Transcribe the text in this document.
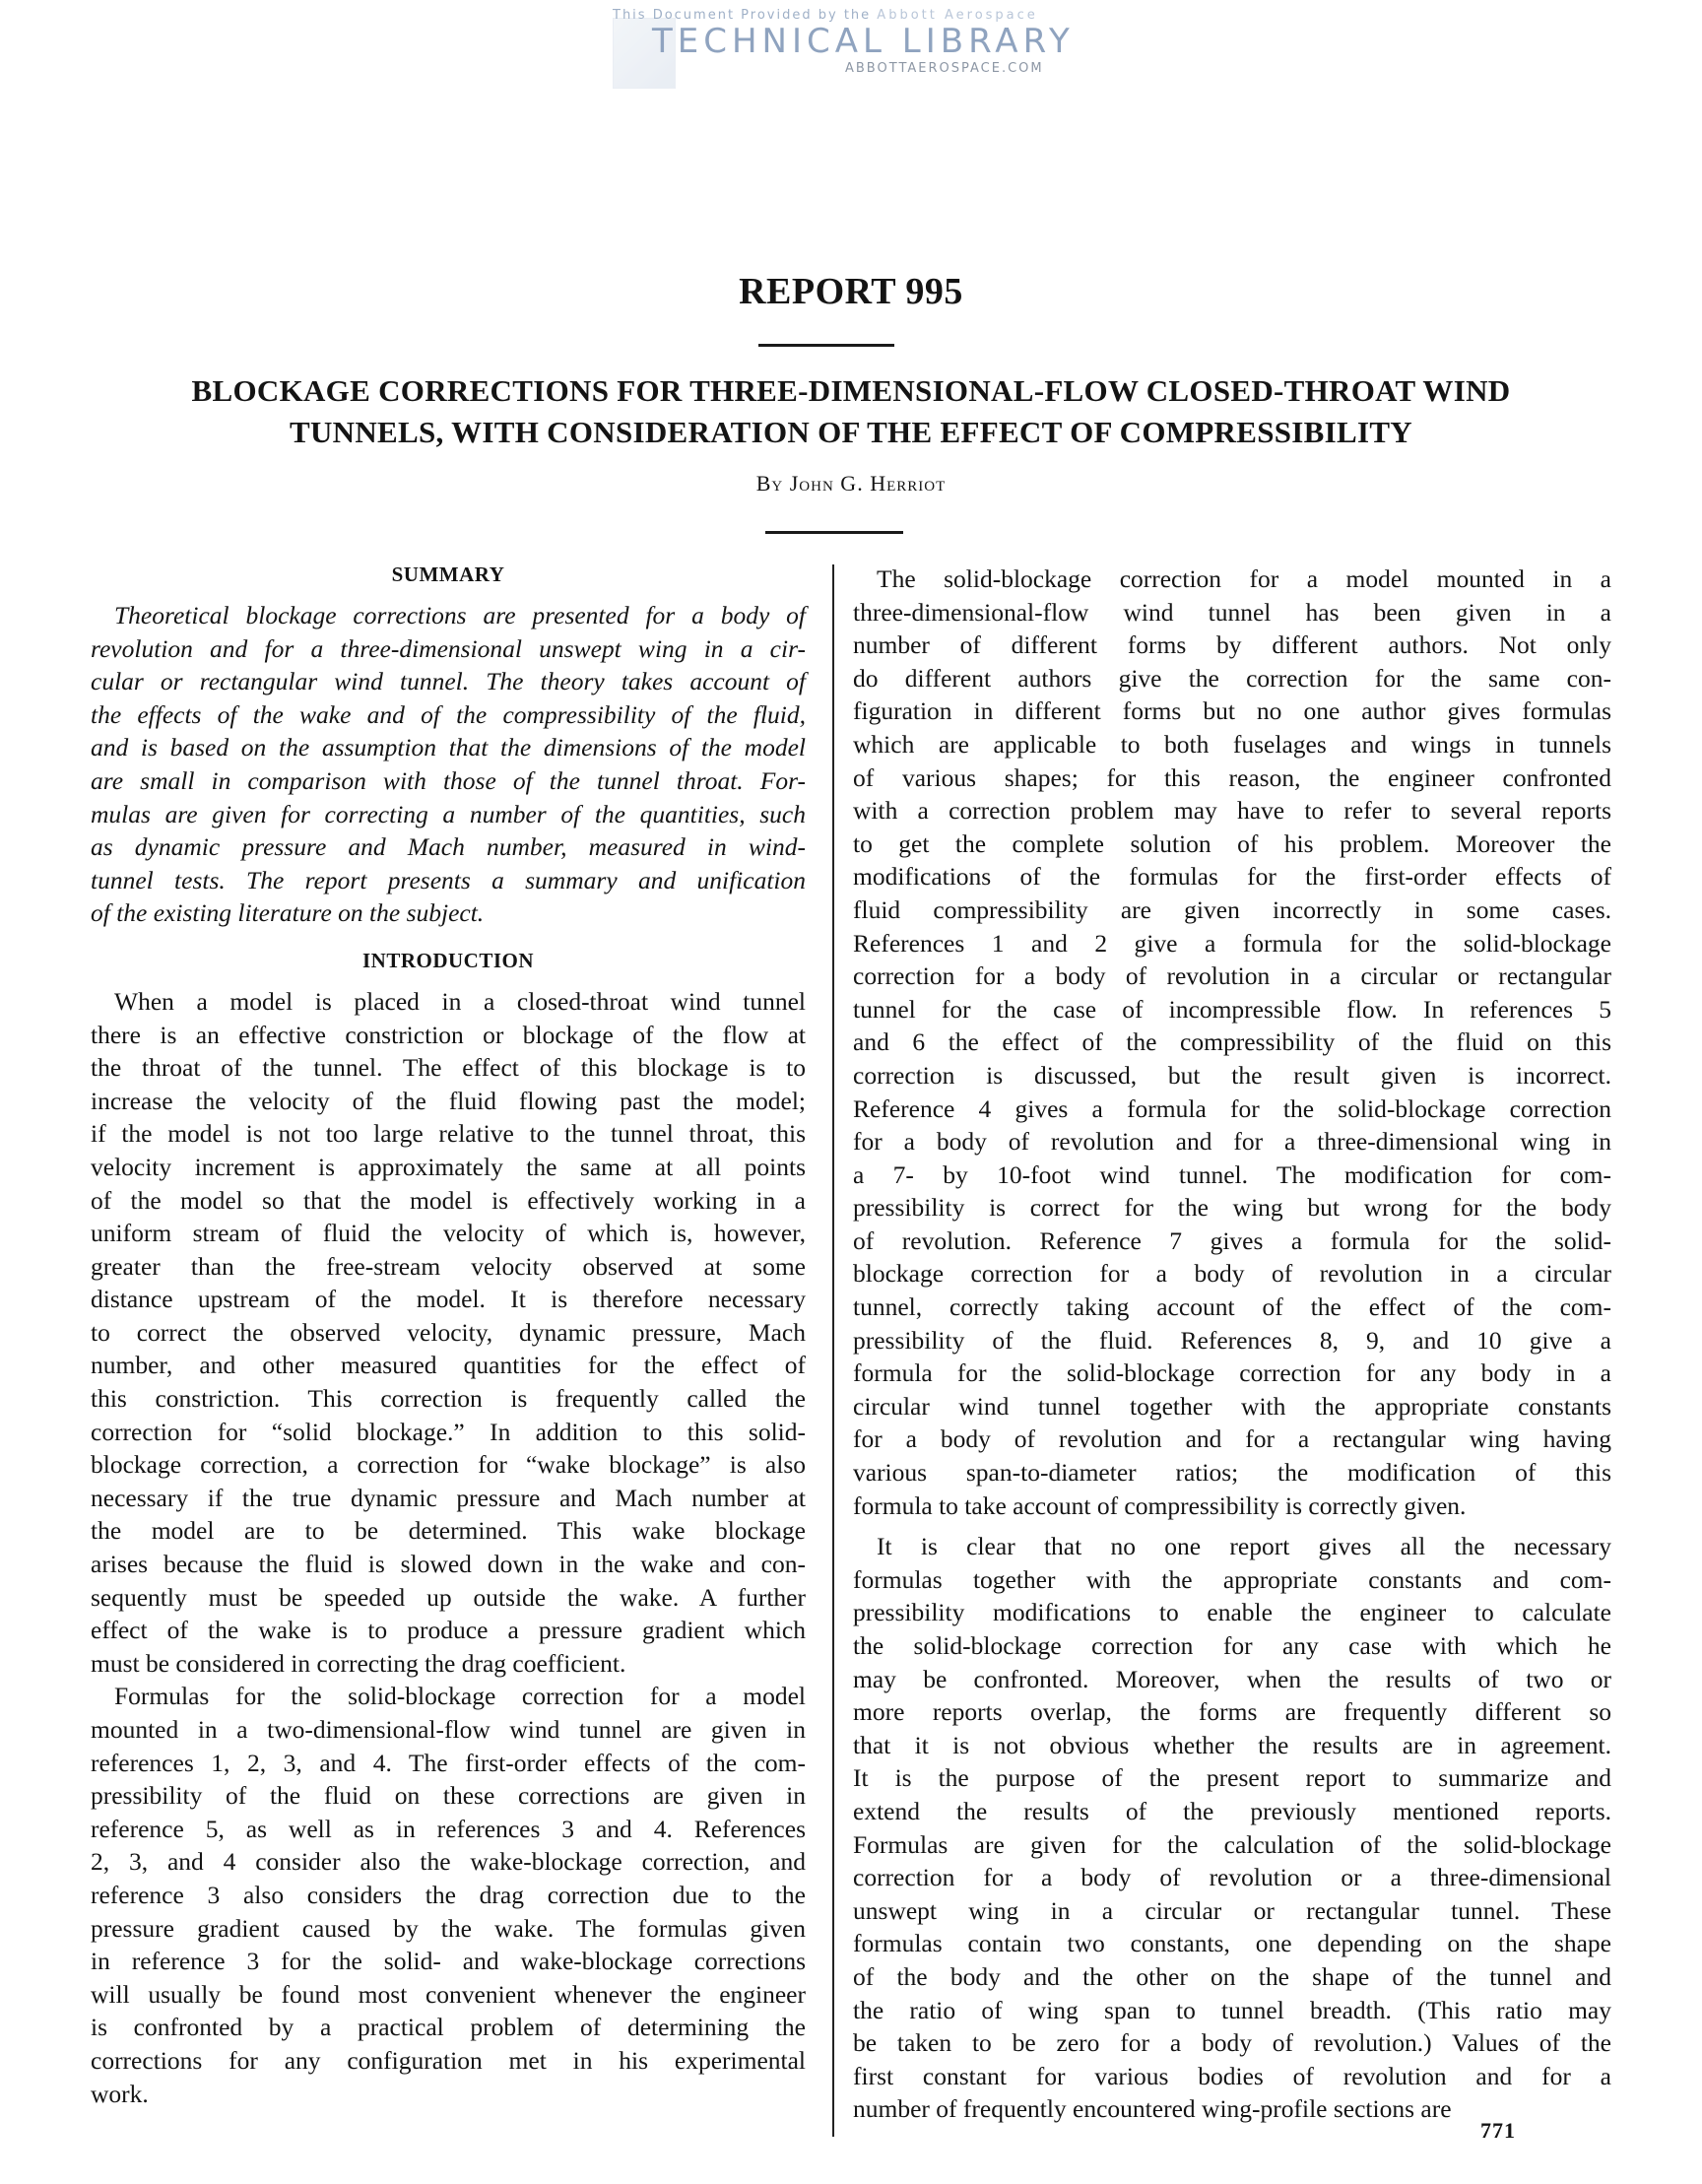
This Document Provided by the Abbott Aerospace
TECHNICAL LIBRARY
ABBOTTAEROSPACE.COM
REPORT 995
BLOCKAGE CORRECTIONS FOR THREE-DIMENSIONAL-FLOW CLOSED-THROAT WIND
TUNNELS, WITH CONSIDERATION OF THE EFFECT OF COMPRESSIBILITY
By John G. Herriot
SUMMARY
Theoretical blockage corrections are presented for a body of
revolution and for a three-dimensional unswept wing in a cir-
cular or rectangular wind tunnel. The theory takes account of
the effects of the wake and of the compressibility of the fluid,
and is based on the assumption that the dimensions of the model
are small in comparison with those of the tunnel throat. For-
mulas are given for correcting a number of the quantities, such
as dynamic pressure and Mach number, measured in wind-
tunnel tests. The report presents a summary and unification
of the existing literature on the subject.
INTRODUCTION
When a model is placed in a closed-throat wind tunnel
there is an effective constriction or blockage of the flow at
the throat of the tunnel. The effect of this blockage is to
increase the velocity of the fluid flowing past the model;
if the model is not too large relative to the tunnel throat, this
velocity increment is approximately the same at all points
of the model so that the model is effectively working in a
uniform stream of fluid the velocity of which is, however,
greater than the free-stream velocity observed at some
distance upstream of the model. It is therefore necessary
to correct the observed velocity, dynamic pressure, Mach
number, and other measured quantities for the effect of
this constriction. This correction is frequently called the
correction for “solid blockage.” In addition to this solid-
blockage correction, a correction for “wake blockage” is also
necessary if the true dynamic pressure and Mach number at
the model are to be determined. This wake blockage
arises because the fluid is slowed down in the wake and con-
sequently must be speeded up outside the wake. A further
effect of the wake is to produce a pressure gradient which
must be considered in correcting the drag coefficient.
Formulas for the solid-blockage correction for a model
mounted in a two-dimensional-flow wind tunnel are given in
references 1, 2, 3, and 4. The first-order effects of the com-
pressibility of the fluid on these corrections are given in
reference 5, as well as in references 3 and 4. References
2, 3, and 4 consider also the wake-blockage correction, and
reference 3 also considers the drag correction due to the
pressure gradient caused by the wake. The formulas given
in reference 3 for the solid- and wake-blockage corrections
will usually be found most convenient whenever the engineer
is confronted by a practical problem of determining the
corrections for any configuration met in his experimental
work.
The solid-blockage correction for a model mounted in a
three-dimensional-flow wind tunnel has been given in a
number of different forms by different authors. Not only
do different authors give the correction for the same con-
figuration in different forms but no one author gives formulas
which are applicable to both fuselages and wings in tunnels
of various shapes; for this reason, the engineer confronted
with a correction problem may have to refer to several reports
to get the complete solution of his problem. Moreover the
modifications of the formulas for the first-order effects of
fluid compressibility are given incorrectly in some cases.
References 1 and 2 give a formula for the solid-blockage
correction for a body of revolution in a circular or rectangular
tunnel for the case of incompressible flow. In references 5
and 6 the effect of the compressibility of the fluid on this
correction is discussed, but the result given is incorrect.
Reference 4 gives a formula for the solid-blockage correction
for a body of revolution and for a three-dimensional wing in
a 7- by 10-foot wind tunnel. The modification for com-
pressibility is correct for the wing but wrong for the body
of revolution. Reference 7 gives a formula for the solid-
blockage correction for a body of revolution in a circular
tunnel, correctly taking account of the effect of the com-
pressibility of the fluid. References 8, 9, and 10 give a
formula for the solid-blockage correction for any body in a
circular wind tunnel together with the appropriate constants
for a body of revolution and for a rectangular wing having
various span-to-diameter ratios; the modification of this
formula to take account of compressibility is correctly given.
It is clear that no one report gives all the necessary
formulas together with the appropriate constants and com-
pressibility modifications to enable the engineer to calculate
the solid-blockage correction for any case with which he
may be confronted. Moreover, when the results of two or
more reports overlap, the forms are frequently different so
that it is not obvious whether the results are in agreement.
It is the purpose of the present report to summarize and
extend the results of the previously mentioned reports.
Formulas are given for the calculation of the solid-blockage
correction for a body of revolution or a three-dimensional
unswept wing in a circular or rectangular tunnel. These
formulas contain two constants, one depending on the shape
of the body and the other on the shape of the tunnel and
the ratio of wing span to tunnel breadth. (This ratio may
be taken to be zero for a body of revolution.) Values of the
first constant for various bodies of revolution and for a
number of frequently encountered wing-profile sections are
771
